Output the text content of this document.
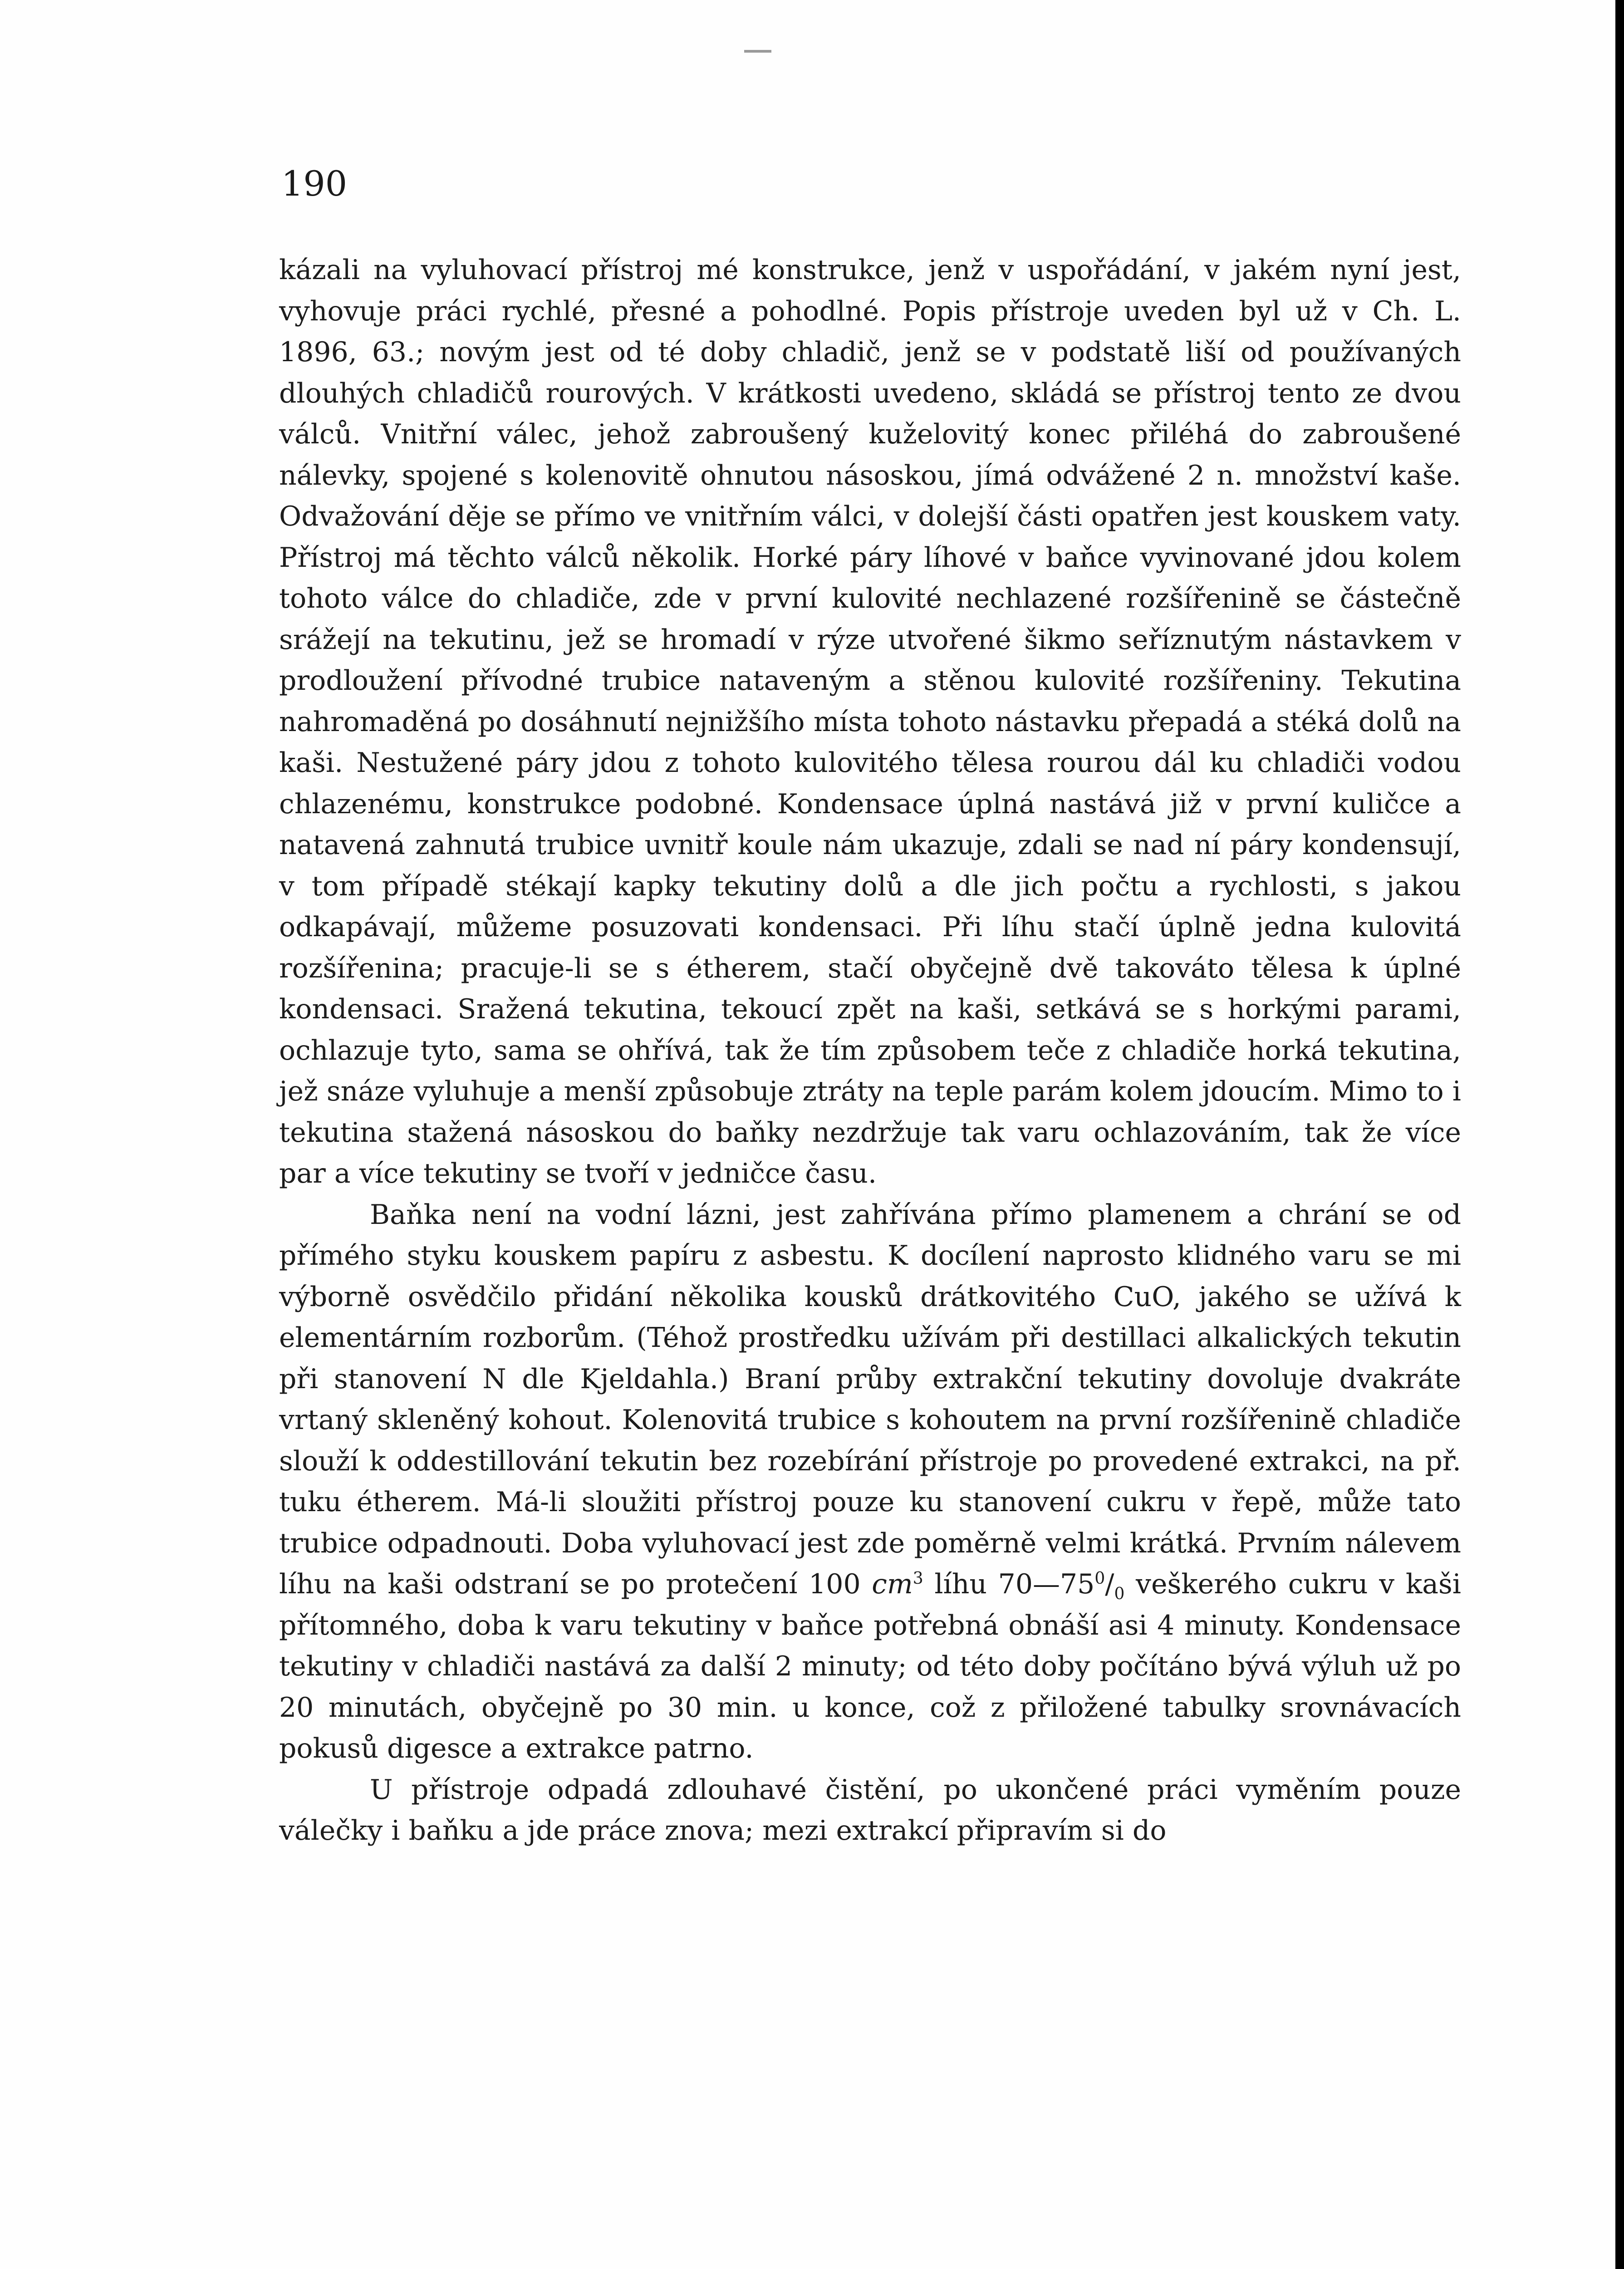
190

kázali na vyluhovací přístroj mé konstrukce, jenž v uspořádání, v jakém nyní jest, vyhovuje práci rychlé, přesné a pohodlné. Popis přístroje uveden byl už v Ch. L. 1896, 63.; novým jest od té doby chladič, jenž se v podstatě liší od používaných dlouhých chladičů rourových. V krátkosti uvedeno, skládá se přístroj tento ze dvou válců. Vnitřní válec, jehož zabroušený kuželovitý konec přiléhá do zabroušené nálevky, spojené s kolenovitě ohnutou násoskou, jímá odvážené 2 n. množství kaše. Odvažování děje se přímo ve vnitřním válci, v dolejší části opatřen jest kouskem vaty. Přístroj má těchto válců několik. Horké páry líhové v baňce vyvinované jdou kolem tohoto válce do chladiče, zde v první kulovité nechlazené rozšířenině se částečně srážejí na tekutinu, jež se hromadí v rýze utvořené šikmo seříznutým nástavkem v prodloužení přívodné trubice nataveným a stěnou kulovité rozšířeniny. Tekutina nahromaděná po dosáhnutí nejnižšího místa tohoto nástavku přepadá a stéká dolů na kaši. Nestužené páry jdou z tohoto kulovitého tělesa rourou dál ku chladiči vodou chlazenému, konstrukce podobné. Kondensace úplná nastává již v první kuličce a natavená zahnutá trubice uvnitř koule nám ukazuje, zdali se nad ní páry kondensují, v tom případě stékají kapky tekutiny dolů a dle jich počtu a rychlosti, s jakou odkapávají, můžeme posuzovati kondensaci. Při líhu stačí úplně jedna kulovitá rozšířenina; pracuje-li se s étherem, stačí obyčejně dvě takováto tělesa k úplné kondensaci. Sražená tekutina, tekoucí zpět na kaši, setkává se s horkými parami, ochlazuje tyto, sama se ohřívá, tak že tím způsobem teče z chladiče horká tekutina, jež snáze vyluhuje a menší způsobuje ztráty na teple parám kolem jdoucím. Mimo to i tekutina stažená násoskou do baňky nezdržuje tak varu ochlazováním, tak že více par a více tekutiny se tvoří v jedničce času.

Baňka není na vodní lázni, jest zahřívána přímo plamenem a chrání se od přímého styku kouskem papíru z asbestu. K docílení naprosto klidného varu se mi výborně osvědčilo přidání několika kousků drátkovitého CuO, jakého se užívá k elementárním rozborům. (Téhož prostředku užívám při destillaci alkalických tekutin při stanovení N dle Kjeldahla.) Braní průby extrakční tekutiny dovoluje dvakráte vrtaný skleněný kohout. Kolenovitá trubice s kohoutem na první rozšířenině chladiče slouží k oddestillování tekutin bez rozebírání přístroje po provedené extrakci, na př. tuku étherem. Má-li sloužiti přístroj pouze ku stanovení cukru v řepě, může tato trubice odpadnouti. Doba vyluhovací jest zde poměrně velmi krátká. Prvním nálevem líhu na kaši odstraní se po protečení 100 $cm^3$ líhu $70—75^0/_0$ veškerého cukru v kaši přítomného, doba k varu tekutiny v baňce potřebná obnáší asi 4 minuty. Kondensace tekutiny v chladiči nastává za další 2 minuty; od této doby počítáno bývá výluh už po 20 minutách, obyčejně po 30 min. u konce, což z přiložené tabulky srovnávacích pokusů digesce a extrakce patrno.

U přístroje odpadá zdlouhavé čistění, po ukončené práci vyměním pouze válečky i baňku a jde práce znova; mezi extrakcí připravím si do
